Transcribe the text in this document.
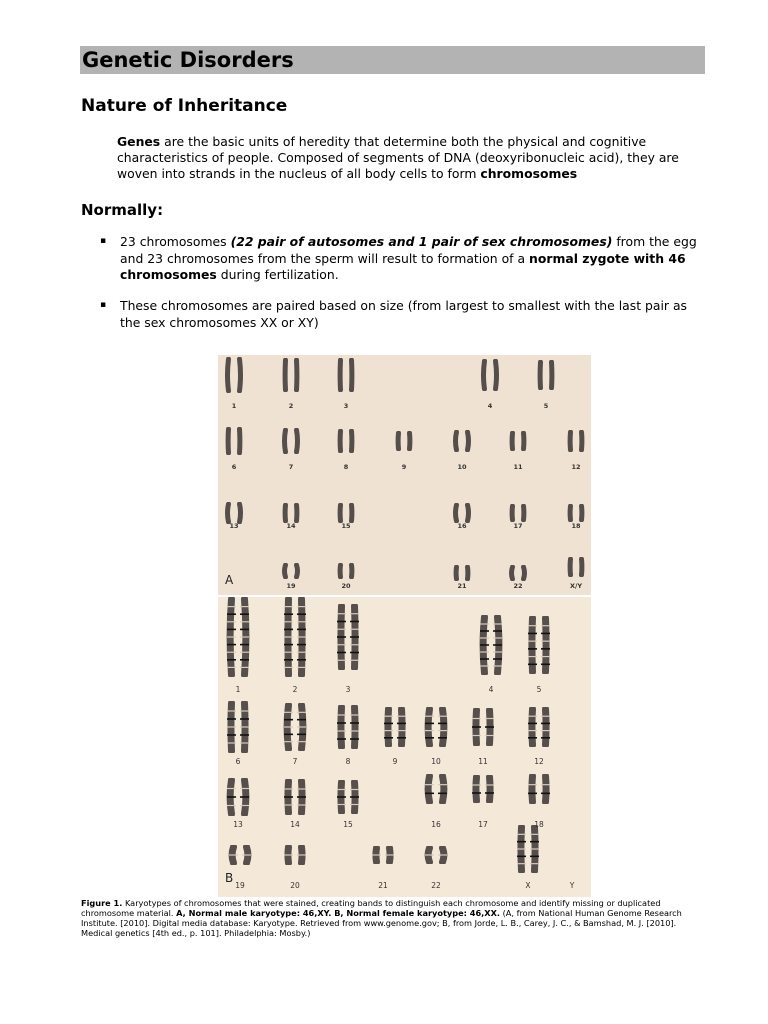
Genetic Disorders
Nature of Inheritance

Genes are the basic units of heredity that determine both the physical and cognitive characteristics of people. Composed of segments of DNA (deoxyribonucleic acid), they are woven into strands in the nucleus of all body cells to form chromosomes

Normally:
▪ 23 chromosomes (22 pair of autosomes and 1 pair of sex chromosomes) from the egg and 23 chromosomes from the sperm will result to formation of a normal zygote with 46 chromosomes during fertilization.
▪ These chromosomes are paired based on size (from largest to smallest with the last pair as the sex chromosomes XX or XY)
A
1	2	3	4	5
6	7	8	9	10	11	12
13	14	15	16	17	18
19	20	21	22	X/Y
B
1	2	3	4	5
6	7	8	9	10	11	12
13	14	15	16	17	18
19	20	21	22	X	Y

Figure 1. Karyotypes of chromosomes that were stained, creating bands to distinguish each chromosome and identify missing or duplicated chromosome material. A, Normal male karyotype: 46,XY. B, Normal female karyotype: 46,XX. (A, from National Human Genome Research Institute. [2010]. Digital media database: Karyotype. Retrieved from www.genome.gov; B, from Jorde, L. B., Carey, J. C., & Bamshad, M. J. [2010]. Medical genetics [4th ed., p. 101]. Philadelphia: Mosby.)
